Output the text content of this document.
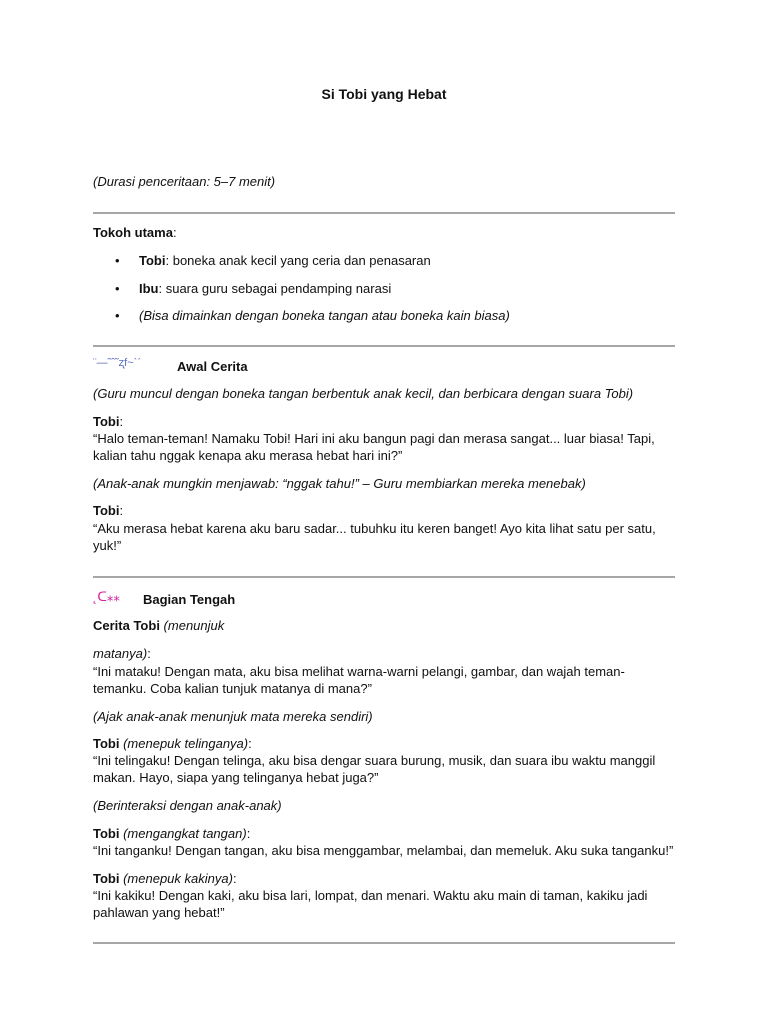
Si Tobi yang Hebat
(Durasi penceritaan: 5–7 menit)
Tokoh utama:
• Tobi: boneka anak kecil yang ceria dan penasaran
• Ibu: suara guru sebagai pendamping narasi
• (Bisa dimainkan dengan boneka tangan atau boneka kain biasa)
¨—˜ˆ˜ʐf~ˋˊ	Awal Cerita
(Guru muncul dengan boneka tangan berbentuk anak kecil, dan berbicara dengan suara Tobi)
Tobi:
“Halo teman-teman! Namaku Tobi! Hari ini aku bangun pagi dan merasa sangat... luar biasa! Tapi,
kalian tahu nggak kenapa aku merasa hebat hari ini?”
(Anak-anak mungkin menjawab: “nggak tahu!” – Guru membiarkan mereka menebak)
Tobi:
“Aku merasa hebat karena aku baru sadar... tubuhku itu keren banget! Ayo kita lihat satu per satu,
yuk!”
˛ᑕ⁎⁎ Bagian Tengah
Cerita Tobi (menunjuk
matanya):
“Ini mataku! Dengan mata, aku bisa melihat warna-warni pelangi, gambar, dan wajah teman-
temanku. Coba kalian tunjuk matanya di mana?”
(Ajak anak-anak menunjuk mata mereka sendiri)
Tobi (menepuk telinganya):
“Ini telingaku! Dengan telinga, aku bisa dengar suara burung, musik, dan suara ibu waktu manggil
makan. Hayo, siapa yang telinganya hebat juga?”
(Berinteraksi dengan anak-anak)
Tobi (mengangkat tangan):
“Ini tanganku! Dengan tangan, aku bisa menggambar, melambai, dan memeluk. Aku suka tanganku!”
Tobi (menepuk kakinya):
“Ini kakiku! Dengan kaki, aku bisa lari, lompat, dan menari. Waktu aku main di taman, kakiku jadi
pahlawan yang hebat!”
